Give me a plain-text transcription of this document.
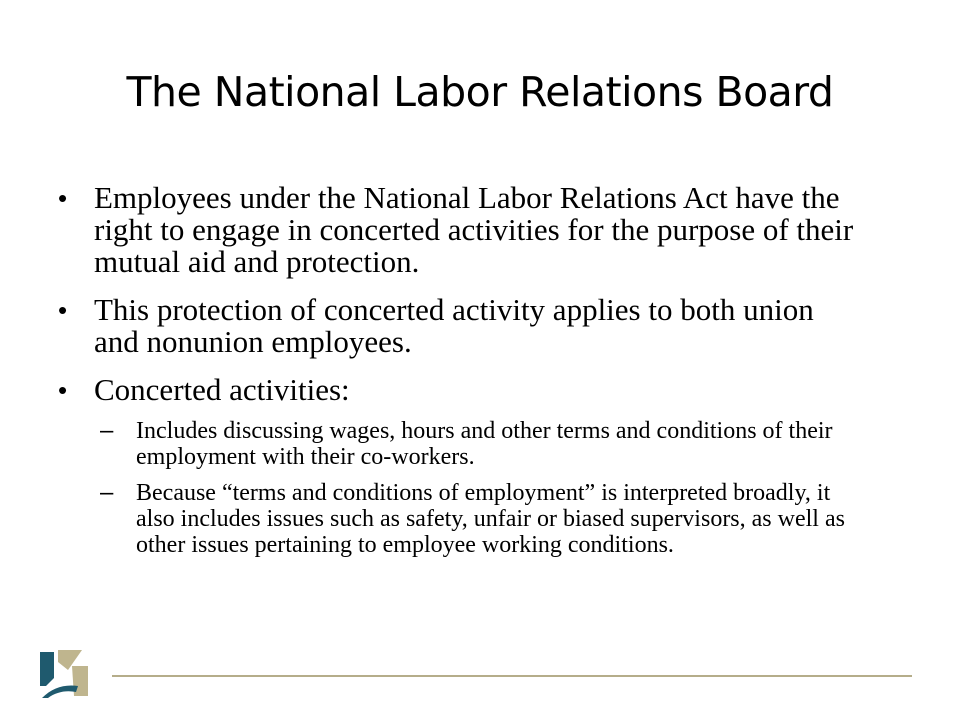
The National Labor Relations Board
• Employees under the National Labor Relations Act have the right to engage in concerted activities for the purpose of their mutual aid and protection.
• This protection of concerted activity applies to both union and nonunion employees.
• Concerted activities:
– Includes discussing wages, hours and other terms and conditions of their employment with their co-workers.
– Because “terms and conditions of employment” is interpreted broadly, it also includes issues such as safety, unfair or biased supervisors, as well as other issues pertaining to employee working conditions.
